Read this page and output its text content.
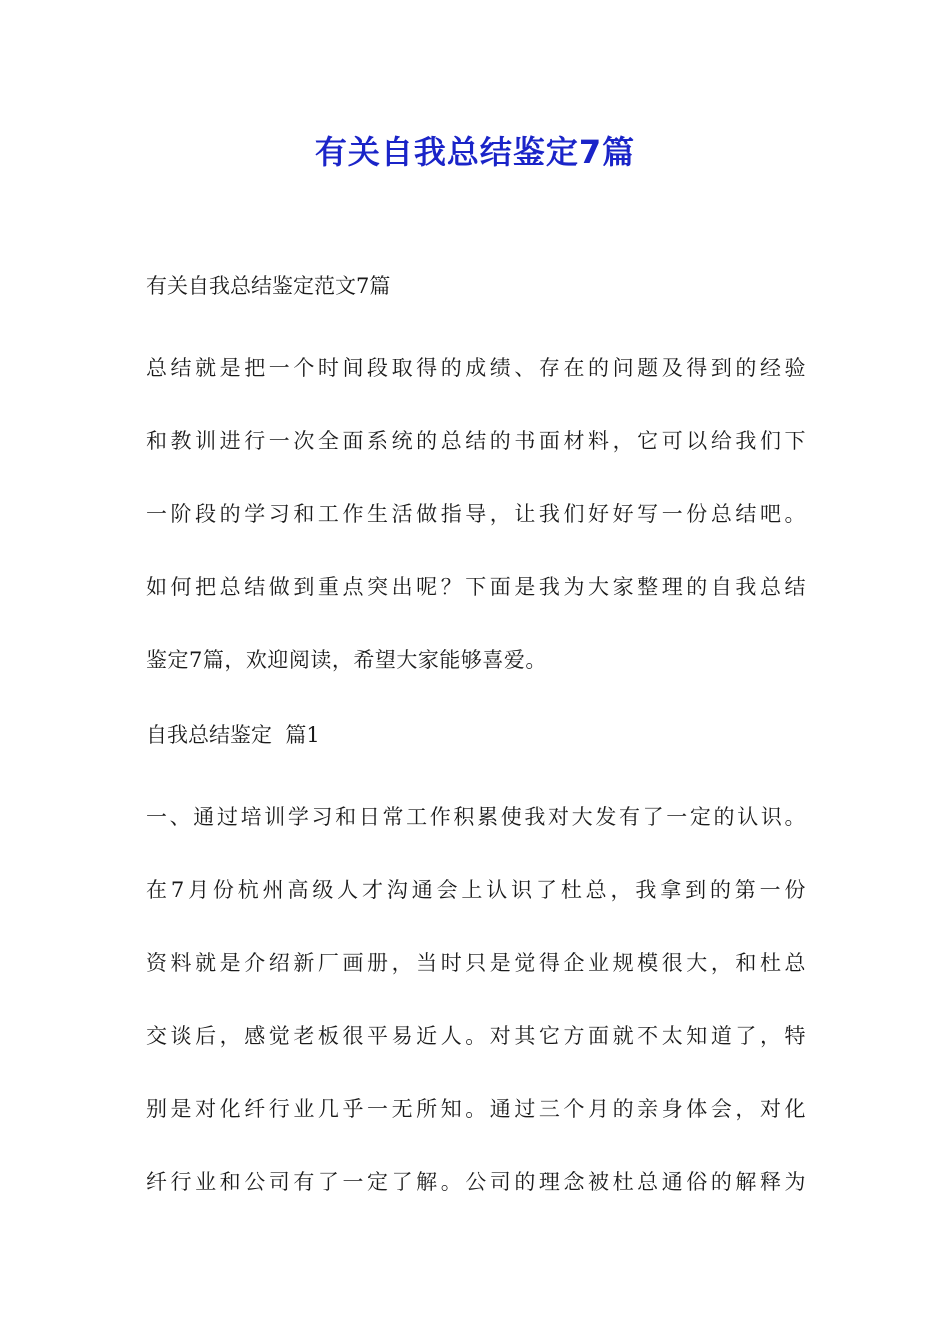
有关自我总结鉴定7篇
有关自我总结鉴定范文7篇
总结就是把一个时间段取得的成绩、存在的问题及得到的经验
和教训进行一次全面系统的总结的书面材料，它可以给我们下
一阶段的学习和工作生活做指导，让我们好好写一份总结吧。
如何把总结做到重点突出呢？下面是我为大家整理的自我总结
鉴定7篇，欢迎阅读，希望大家能够喜爱。
自我总结鉴定  篇1
一、通过培训学习和日常工作积累使我对大发有了一定的认识。
在7月份杭州高级人才沟通会上认识了杜总，我拿到的第一份
资料就是介绍新厂画册，当时只是觉得企业规模很大，和杜总
交谈后，感觉老板很平易近人。对其它方面就不太知道了，特
别是对化纤行业几乎一无所知。通过三个月的亲身体会，对化
纤行业和公司有了一定了解。公司的理念被杜总通俗的解释为
